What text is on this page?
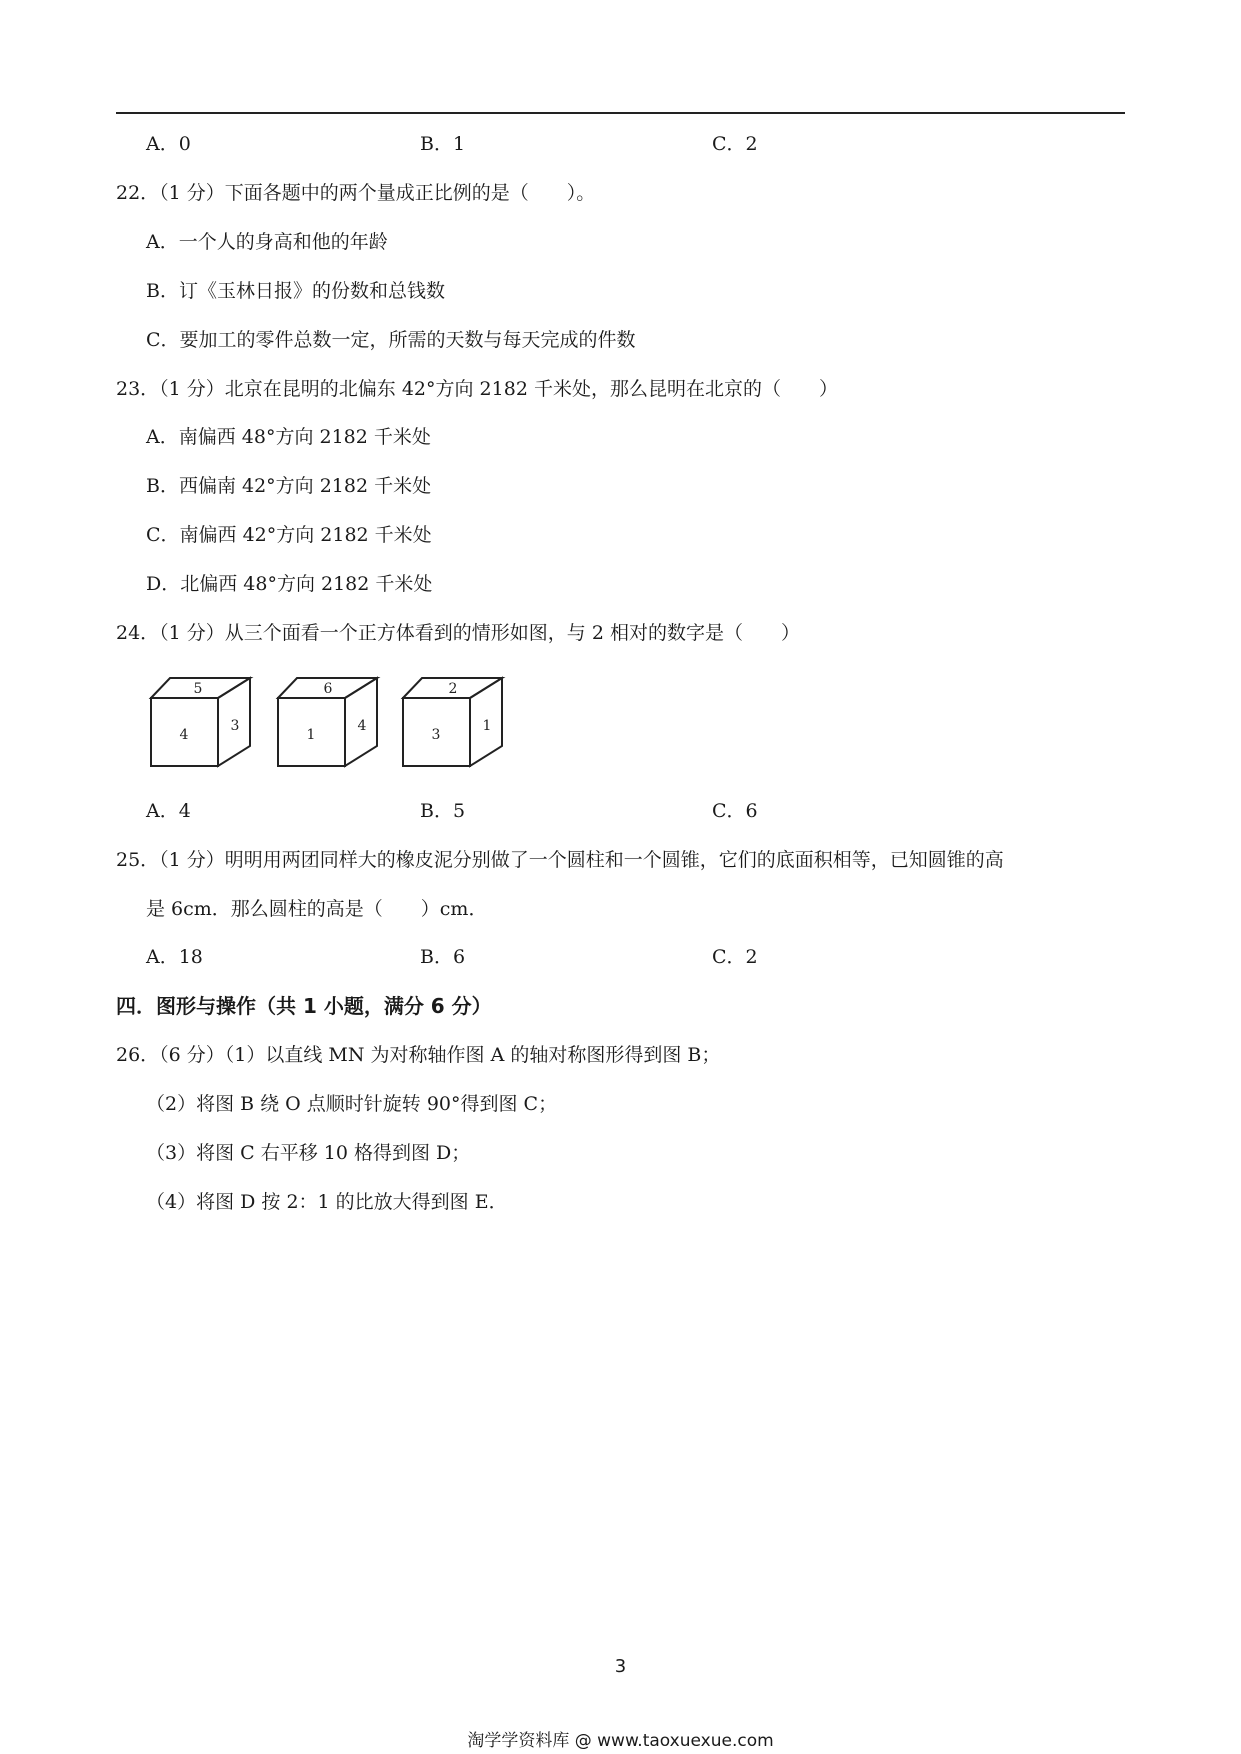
A．0	B．1	C．2
22．（1 分）下面各题中的两个量成正比例的是（　　）。
A．一个人的身高和他的年龄
B．订《玉林日报》的份数和总钱数
C．要加工的零件总数一定，所需的天数与每天完成的件数
23．（1 分）北京在昆明的北偏东 42°方向 2182 千米处，那么昆明在北京的（　　）
A．南偏西 48°方向 2182 千米处
B．西偏南 42°方向 2182 千米处
C．南偏西 42°方向 2182 千米处
D．北偏西 48°方向 2182 千米处
24．（1 分）从三个面看一个正方体看到的情形如图，与 2 相对的数字是（　　）
5
4
3
6
1
4
2
3
1
A．4	B．5	C．6
25．（1 分）明明用两团同样大的橡皮泥分别做了一个圆柱和一个圆锥，它们的底面积相等，已知圆锥的高
是 6cm．那么圆柱的高是（　　）cm．
A．18	B．6	C．2
四．图形与操作（共 1 小题，满分 6 分）
26．（6 分）（1）以直线 MN 为对称轴作图 A 的轴对称图形得到图 B；
（2）将图 B 绕 O 点顺时针旋转 90°得到图 C；
（3）将图 C 右平移 10 格得到图 D；
（4）将图 D 按 2：1 的比放大得到图 E．
3
淘学学资料库 @ www.taoxuexue.com
